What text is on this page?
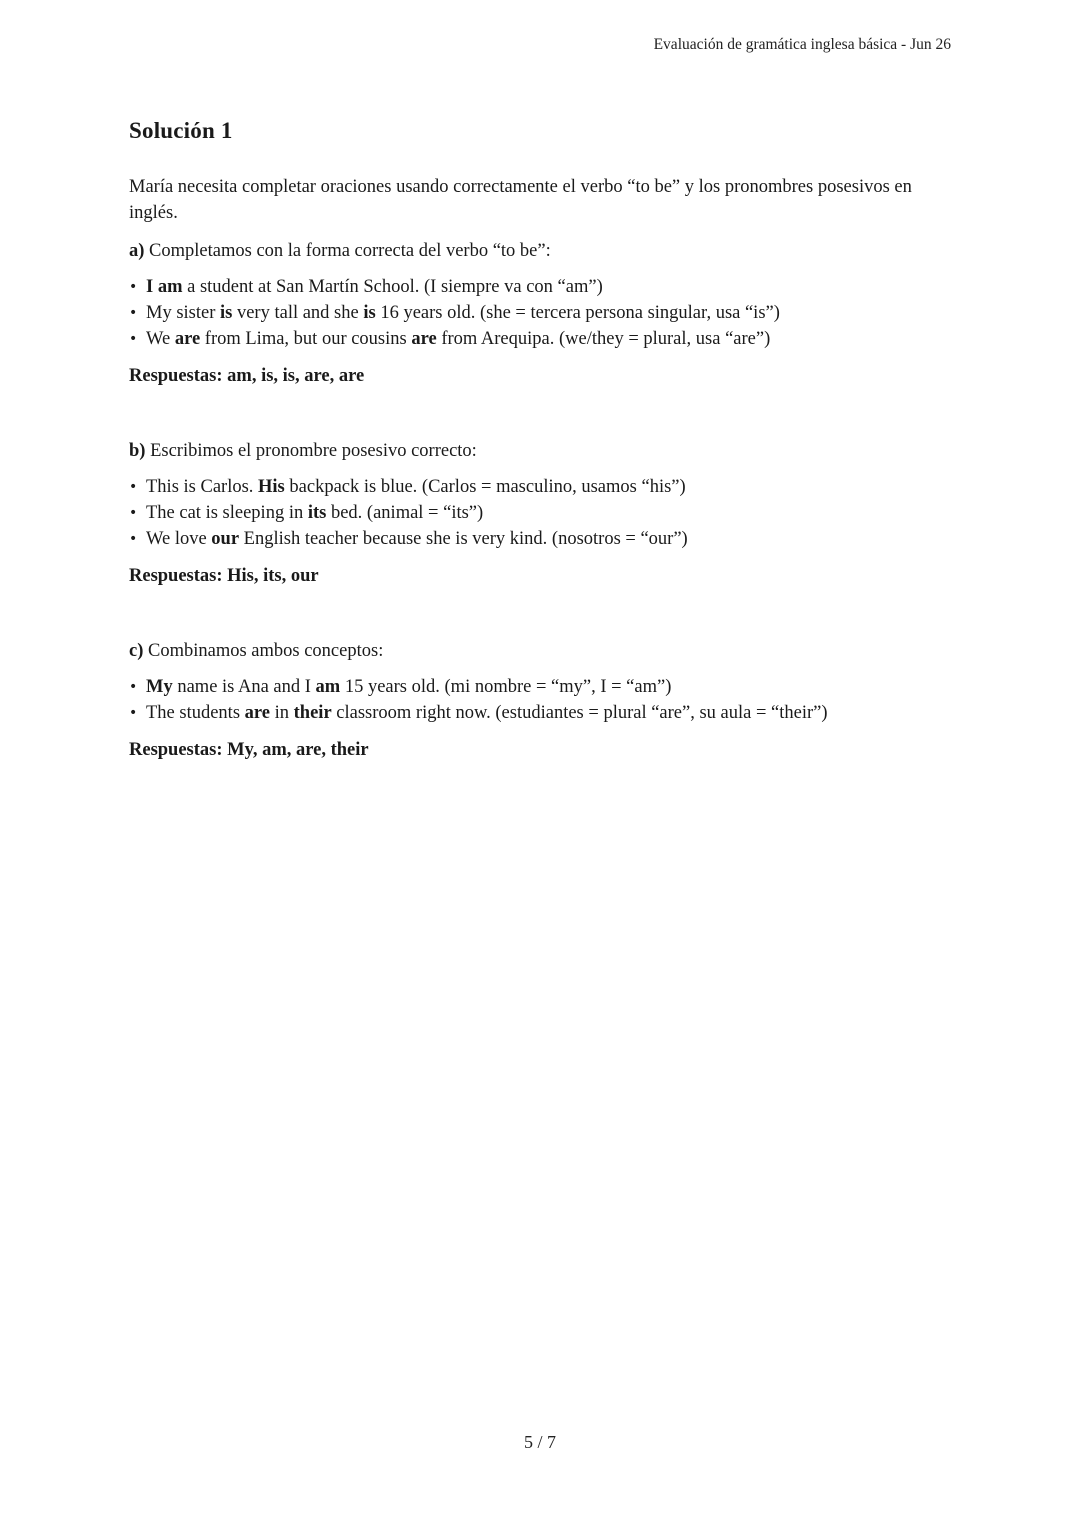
Evaluación de gramática inglesa básica - Jun 26
Solución 1

María necesita completar oraciones usando correctamente el verbo “to be” y los pronombres posesivos en inglés.

a) Completamos con la forma correcta del verbo “to be”:

• I am a student at San Martín School. (I siempre va con “am”)
• My sister is very tall and she is 16 years old. (she = tercera persona singular, usa “is”)
• We are from Lima, but our cousins are from Arequipa. (we/they = plural, usa “are”)

Respuestas: am, is, is, are, are

b) Escribimos el pronombre posesivo correcto:

• This is Carlos. His backpack is blue. (Carlos = masculino, usamos “his”)
• The cat is sleeping in its bed. (animal = “its”)
• We love our English teacher because she is very kind. (nosotros = “our”)

Respuestas: His, its, our

c) Combinamos ambos conceptos:

• My name is Ana and I am 15 years old. (mi nombre = “my”, I = “am”)
• The students are in their classroom right now. (estudiantes = plural “are”, su aula = “their”)

Respuestas: My, am, are, their

5 / 7
